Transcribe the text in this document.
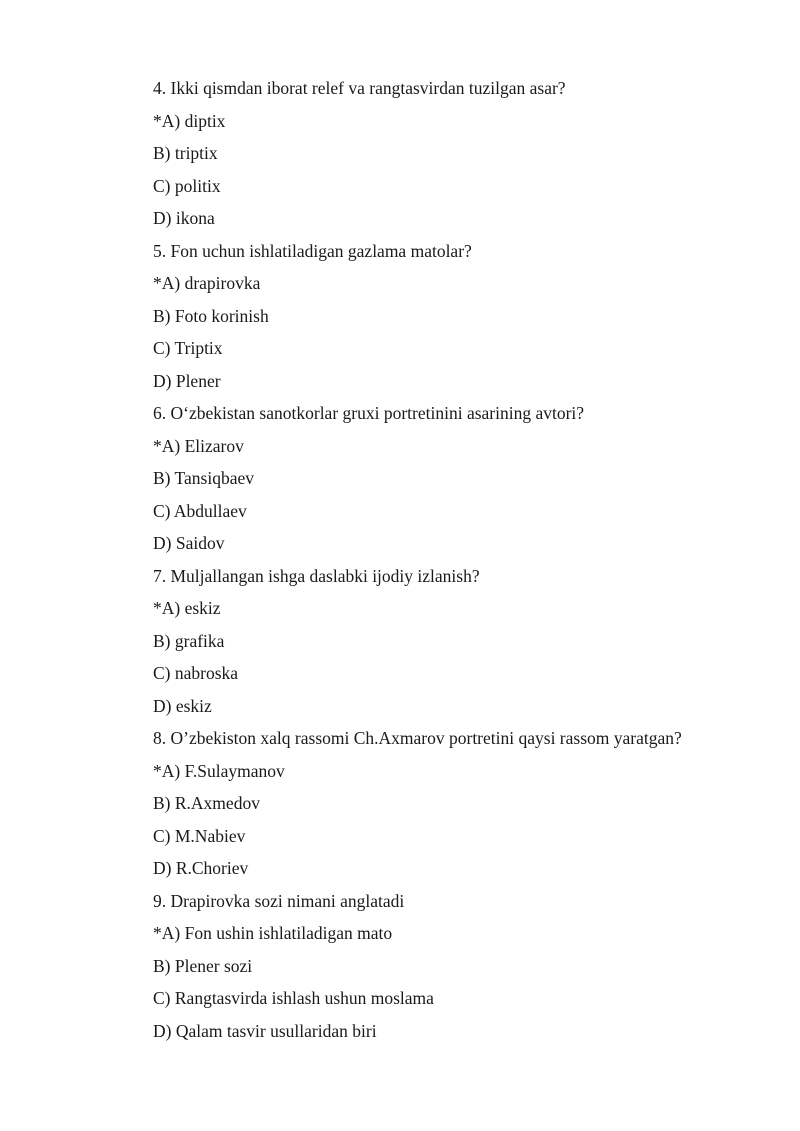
4. Ikki qismdan iborat relef va rangtasvirdan tuzilgan asar?
*A) diptix
B) triptix
C) politix
D) ikona
5. Fon uchun ishlatiladigan gazlama matolar?
*A) drapirovka
B) Foto korinish
C) Triptix
D) Plener
6. O‘zbekistan sanotkorlar gruxi portretinini asarining avtori?
*A) Elizarov
B) Tansiqbaev
C) Abdullaev
D) Saidov
7. Muljallangan ishga daslabki ijodiy izlanish?
*A) eskiz
B) grafika
C) nabroska
D) eskiz
8. O’zbekiston xalq rassomi Ch.Axmarov portretini qaysi rassom yaratgan?
*A) F.Sulaymanov
B) R.Axmedov
C) M.Nabiev
D) R.Choriev
9. Drapirovka sozi nimani anglatadi
*A) Fon ushin ishlatiladigan mato
B) Plener sozi
C) Rangtasvirda ishlash ushun moslama
D) Qalam tasvir usullaridan biri
